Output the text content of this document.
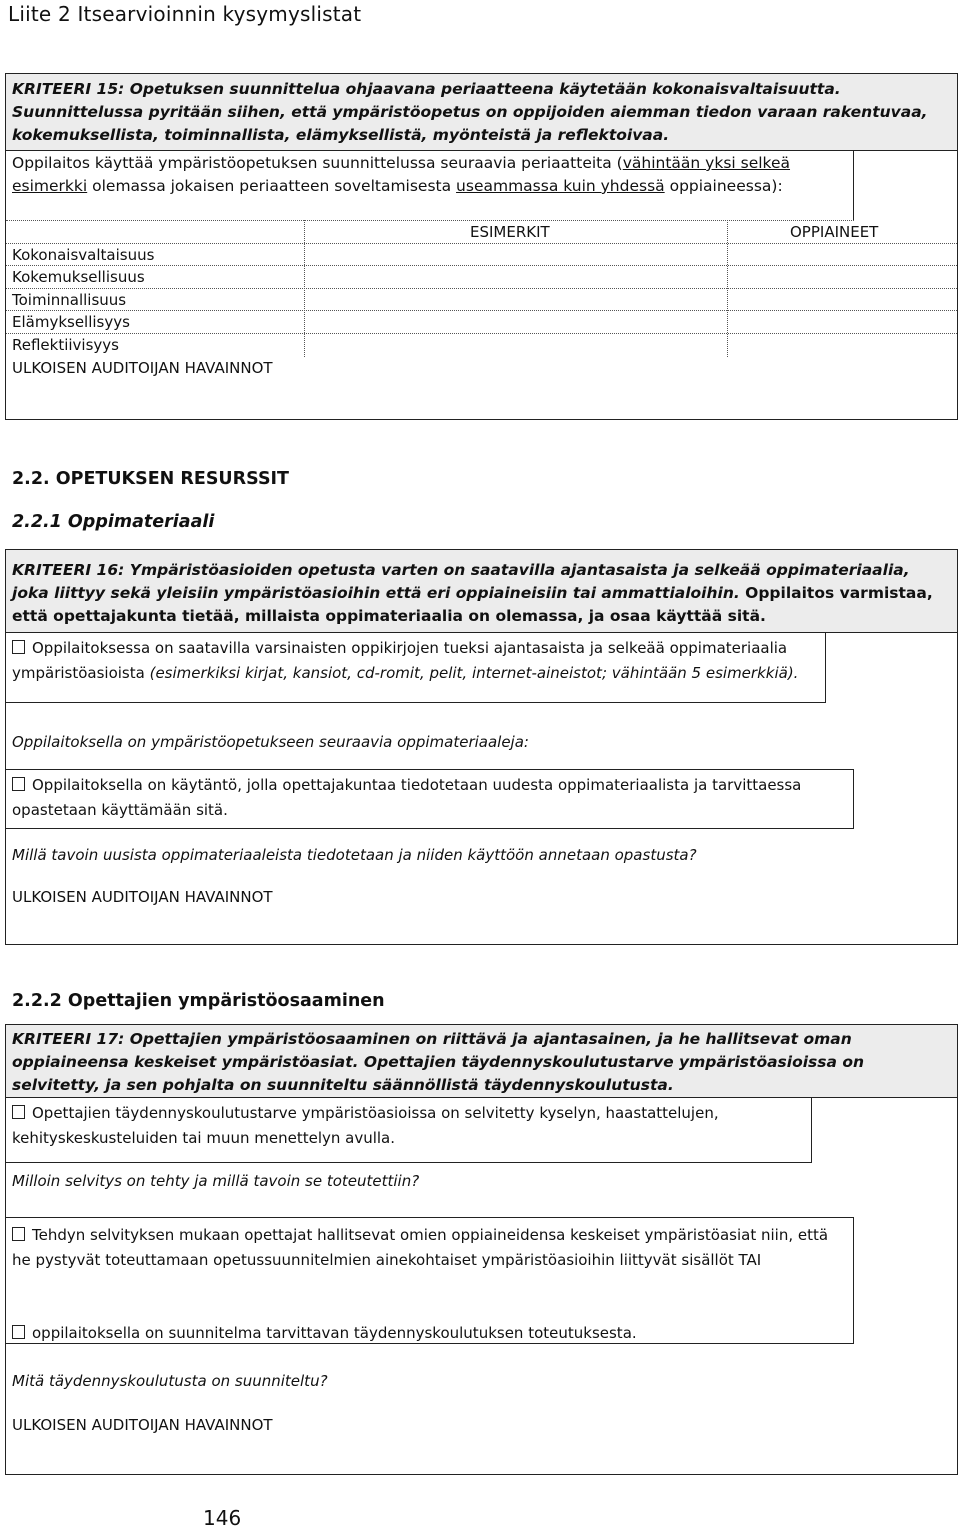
Liite 2 Itsearvioinnin kysymyslistat
KRITEERI 15: Opetuksen suunnittelua ohjaavana periaatteena käytetään kokonaisvaltaisuutta. Suunnittelussa pyritään siihen, että ympäristöopetus on oppijoiden aiemman tiedon varaan rakentuvaa, kokemuksellista, toiminnallista, elämyksellistä, myönteistä ja reflektoivaa.
Oppilaitos käyttää ympäristöopetuksen suunnittelussa seuraavia periaatteita (vähintään yksi selkeä esimerkki olemassa jokaisen periaatteen soveltamisesta useammassa kuin yhdessä oppiaineessa):
ESIMERKIT	OPPIAINEET
Kokonaisvaltaisuus
Kokemuksellisuus
Toiminnallisuus
Elämyksellisyys
Reflektiivisyys
ULKOISEN AUDITOIJAN HAVAINNOT
2.2. OPETUKSEN RESURSSIT
2.2.1 Oppimateriaali
KRITEERI 16: Ympäristöasioiden opetusta varten on saatavilla ajantasaista ja selkeää oppimateriaalia, joka liittyy sekä yleisiin ympäristöasioihin että eri oppiaineisiin tai ammattialoihin. Oppilaitos varmistaa, että opettajakunta tietää, millaista oppimateriaalia on olemassa, ja osaa käyttää sitä.
Oppilaitoksessa on saatavilla varsinaisten oppikirjojen tueksi ajantasaista ja selkeää oppimateriaalia ympäristöasioista (esimerkiksi kirjat, kansiot, cd-romit, pelit, internet-aineistot; vähintään 5 esimerkkiä).
Oppilaitoksella on ympäristöopetukseen seuraavia oppimateriaaleja:
Oppilaitoksella on käytäntö, jolla opettajakuntaa tiedotetaan uudesta oppimateriaalista ja tarvittaessa opastetaan käyttämään sitä.
Millä tavoin uusista oppimateriaaleista tiedotetaan ja niiden käyttöön annetaan opastusta?
ULKOISEN AUDITOIJAN HAVAINNOT
2.2.2 Opettajien ympäristöosaaminen
KRITEERI 17: Opettajien ympäristöosaaminen on riittävä ja ajantasainen, ja he hallitsevat oman oppiaineensa keskeiset ympäristöasiat. Opettajien täydennyskoulutustarve ympäristöasioissa on selvitetty, ja sen pohjalta on suunniteltu säännöllistä täydennyskoulutusta.
Opettajien täydennyskoulutustarve ympäristöasioissa on selvitetty kyselyn, haastattelujen, kehityskeskusteluiden tai muun menettelyn avulla.
Milloin selvitys on tehty ja millä tavoin se toteutettiin?
Tehdyn selvityksen mukaan opettajat hallitsevat omien oppiaineidensa keskeiset ympäristöasiat niin, että he pystyvät toteuttamaan opetussuunnitelmien ainekohtaiset ympäristöasioihin liittyvät sisällöt TAI
oppilaitoksella on suunnitelma tarvittavan täydennyskoulutuksen toteutuksesta.
Mitä täydennyskoulutusta on suunniteltu?
ULKOISEN AUDITOIJAN HAVAINNOT
146
